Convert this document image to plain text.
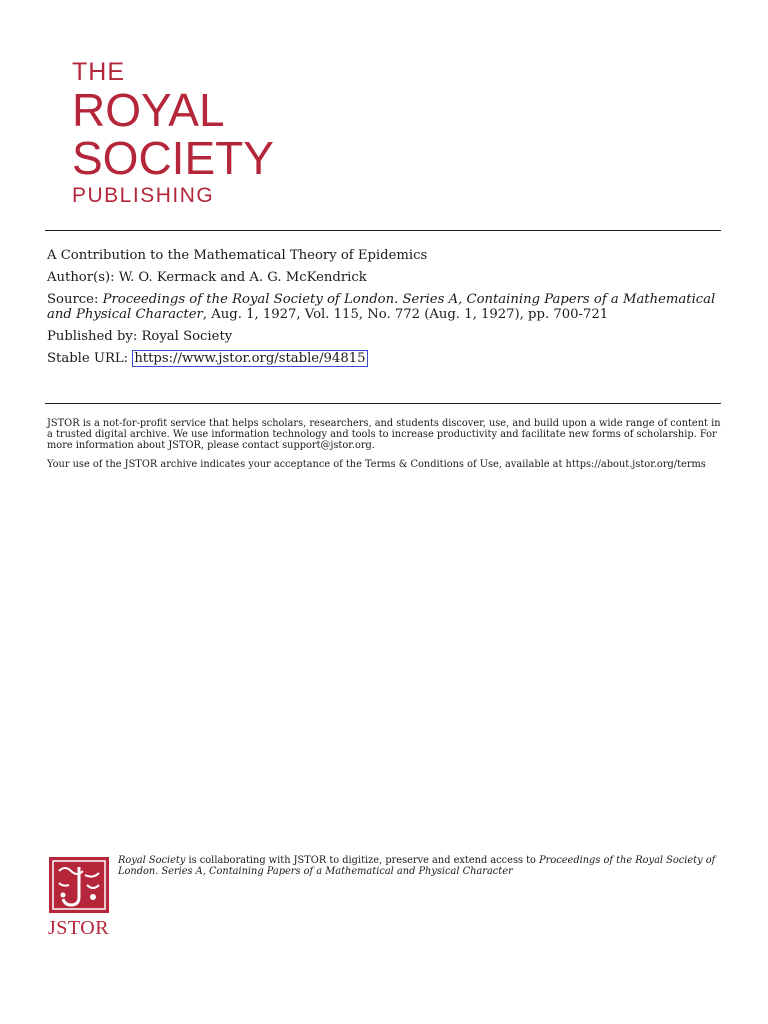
THE
ROYAL
SOCIETY
PUBLISHING

A Contribution to the Mathematical Theory of Epidemics

Author(s): W. O. Kermack and A. G. McKendrick

Source: Proceedings of the Royal Society of London. Series A, Containing Papers of a Mathematical and Physical Character, Aug. 1, 1927, Vol. 115, No. 772 (Aug. 1, 1927), pp. 700-721

Published by: Royal Society

Stable URL: https://www.jstor.org/stable/94815

JSTOR is a not-for-profit service that helps scholars, researchers, and students discover, use, and build upon a wide range of content in a trusted digital archive. We use information technology and tools to increase productivity and facilitate new forms of scholarship. For more information about JSTOR, please contact support@jstor.org.

Your use of the JSTOR archive indicates your acceptance of the Terms & Conditions of Use, available at https://about.jstor.org/terms

JSTOR
Royal Society is collaborating with JSTOR to digitize, preserve and extend access to Proceedings of the Royal Society of London. Series A, Containing Papers of a Mathematical and Physical Character
